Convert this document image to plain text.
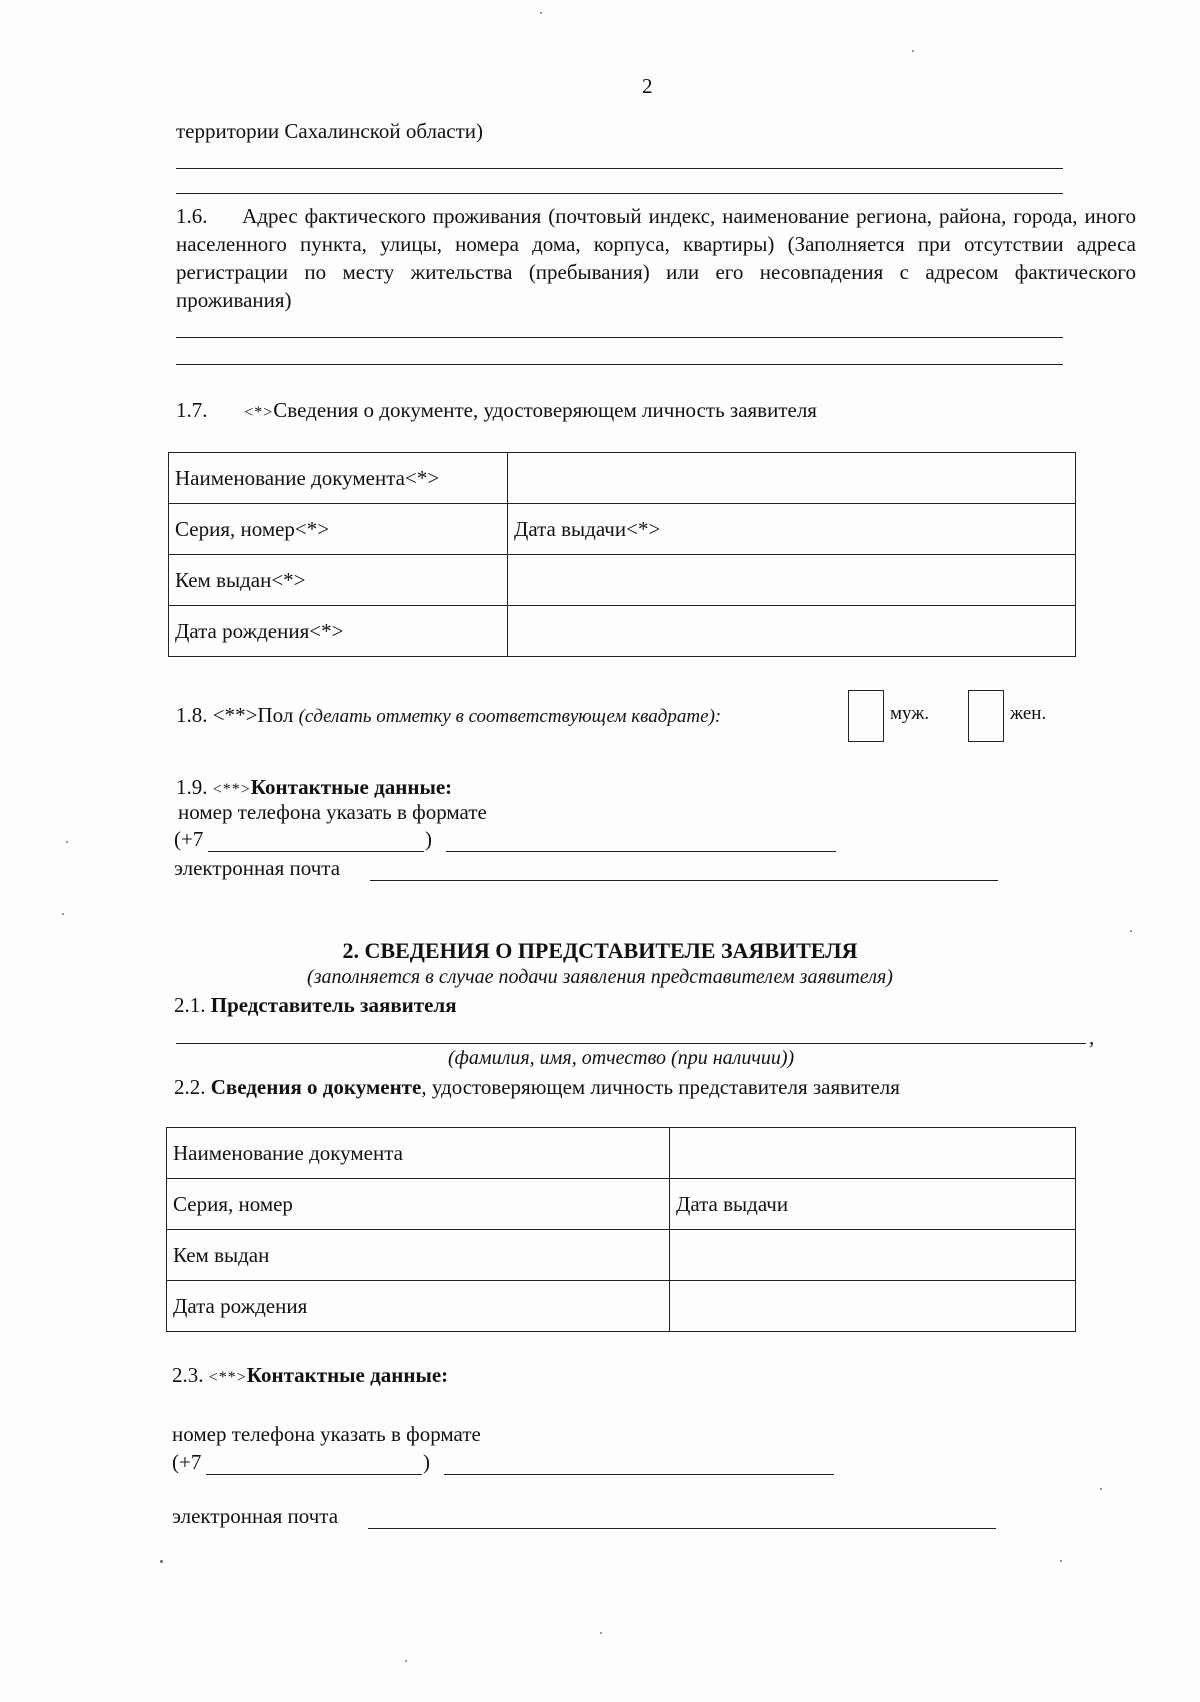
2
территории Сахалинской области)
1.6. Адрес фактического проживания (почтовый индекс, наименование региона, района, города, иного населенного пункта, улицы, номера дома, корпуса, квартиры) (Заполняется при отсутствии адреса регистрации по месту жительства (пребывания) или его несовпадения с адресом фактического проживания)
1.7. <*>Сведения о документе, удостоверяющем личность заявителя
Наименование документа<*>	
Серия, номер<*>	Дата выдачи<*>
Кем выдан<*>	
Дата рождения<*>	
1.8. <**>Пол (сделать отметку в соответствующем квадрате):	муж.	жен.
1.9. <**>Контактные данные:
номер телефона указать в формате
(+7	)
электронная почта
2. СВЕДЕНИЯ О ПРЕДСТАВИТЕЛЕ ЗАЯВИТЕЛЯ
(заполняется в случае подачи заявления представителем заявителя)
2.1. Представитель заявителя
,
(фамилия, имя, отчество (при наличии))
2.2. Сведения о документе, удостоверяющем личность представителя заявителя
Наименование документа	
Серия, номер	Дата выдачи
Кем выдан	
Дата рождения	
2.3. <**>Контактные данные:
номер телефона указать в формате
(+7	)
электронная почта
